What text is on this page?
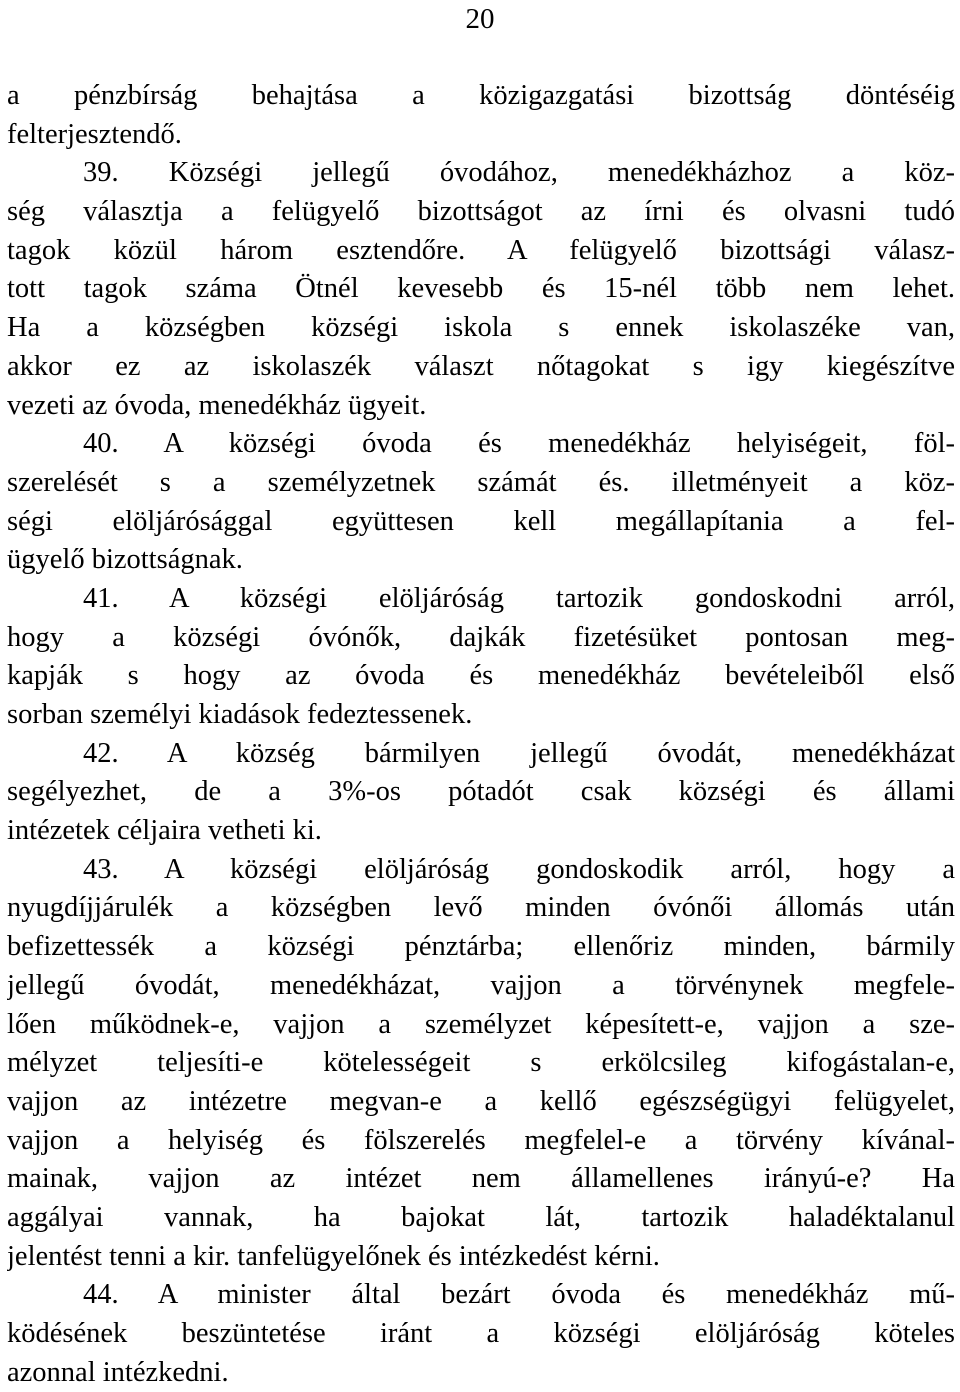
20
a pénzbírság behajtása a közigazgatási bizottság döntéséig
felterjesztendő.
39. Községi jellegű óvodához, menedékházhoz a köz-
ség választja a felügyelő bizottságot az írni és olvasni tudó
tagok közül három esztendőre. A felügyelő bizottsági válasz-
tott tagok száma Ötnél kevesebb és 15-nél több nem lehet.
Ha a községben községi iskola s ennek iskolaszéke van,
akkor ez az iskolaszék választ nőtagokat s igy kiegészítve
vezeti az óvoda, menedékház ügyeit.
40. A községi óvoda és menedékház helyiségeit, föl-
szerelését s a személyzetnek számát és. illetményeit a köz-
ségi elöljárósággal együttesen kell megállapítania a fel-
ügyelő bizottságnak.
41. A községi elöljáróság tartozik gondoskodni arról,
hogy a községi óvónők, dajkák fizetésüket pontosan meg-
kapják s hogy az óvoda és menedékház bevételeiből első
sorban személyi kiadások fedeztessenek.
42. A község bármilyen jellegű óvodát, menedékházat
segélyezhet, de a 3%-os pótadót csak községi és állami
intézetek céljaira vetheti ki.
43. A községi elöljáróság gondoskodik arról, hogy a
nyugdíjjárulék a községben levő minden óvónői állomás után
befizettessék a községi pénztárba; ellenőriz minden, bármily
jellegű óvodát, menedékházat, vajjon a törvénynek megfele-
lően működnek-e, vajjon a személyzet képesített-e, vajjon a sze-
mélyzet teljesíti-e kötelességeit s erkölcsileg kifogástalan-e,
vajjon az intézetre megvan-e a kellő egészségügyi felügyelet,
vajjon a helyiség és fölszerelés megfelel-e a törvény kívánal-
mainak, vajjon az intézet nem államellenes irányú-e? Ha
aggályai vannak, ha bajokat lát, tartozik haladéktalanul
jelentést tenni a kir. tanfelügyelőnek és intézkedést kérni.
44. A minister által bezárt óvoda és menedékház mű-
ködésének beszüntetése iránt a községi elöljáróság köteles
azonnal intézkedni.
